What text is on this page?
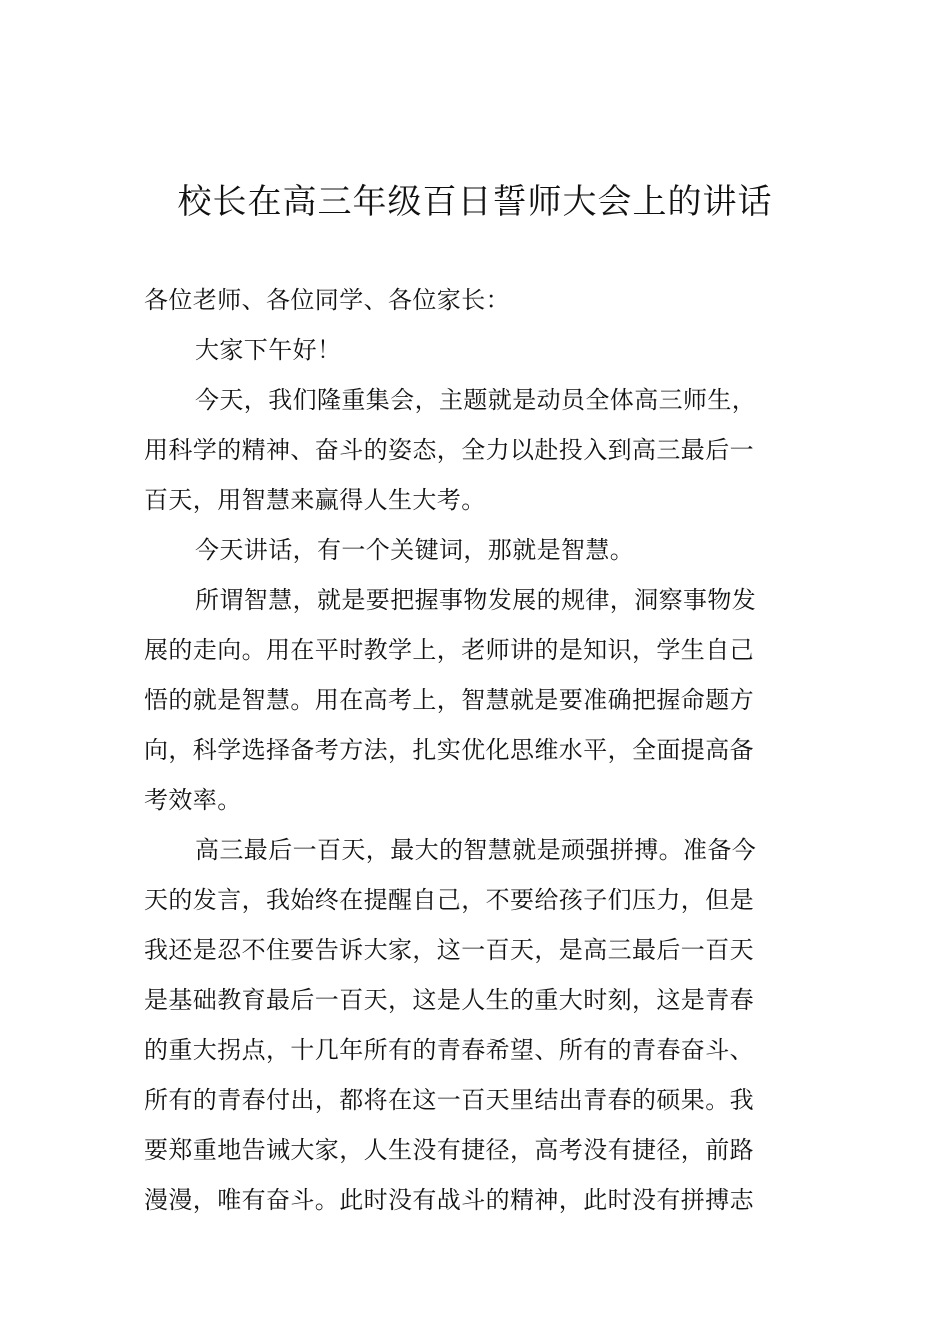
校长在高三年级百日誓师大会上的讲话
各位老师、各位同学、各位家长：
大家下午好！
今天，我们隆重集会，主题就是动员全体高三师生，
用科学的精神、奋斗的姿态，全力以赴投入到高三最后一
百天，用智慧来赢得人生大考。
今天讲话，有一个关键词，那就是智慧。
所谓智慧，就是要把握事物发展的规律，洞察事物发
展的走向。用在平时教学上，老师讲的是知识，学生自己
悟的就是智慧。用在高考上，智慧就是要准确把握命题方
向，科学选择备考方法，扎实优化思维水平，全面提高备
考效率。
高三最后一百天，最大的智慧就是顽强拼搏。准备今
天的发言，我始终在提醒自己，不要给孩子们压力，但是
我还是忍不住要告诉大家，这一百天，是高三最后一百天
是基础教育最后一百天，这是人生的重大时刻，这是青春
的重大拐点，十几年所有的青春希望、所有的青春奋斗、
所有的青春付出，都将在这一百天里结出青春的硕果。我
要郑重地告诫大家，人生没有捷径，高考没有捷径，前路
漫漫，唯有奋斗。此时没有战斗的精神，此时没有拼搏志
